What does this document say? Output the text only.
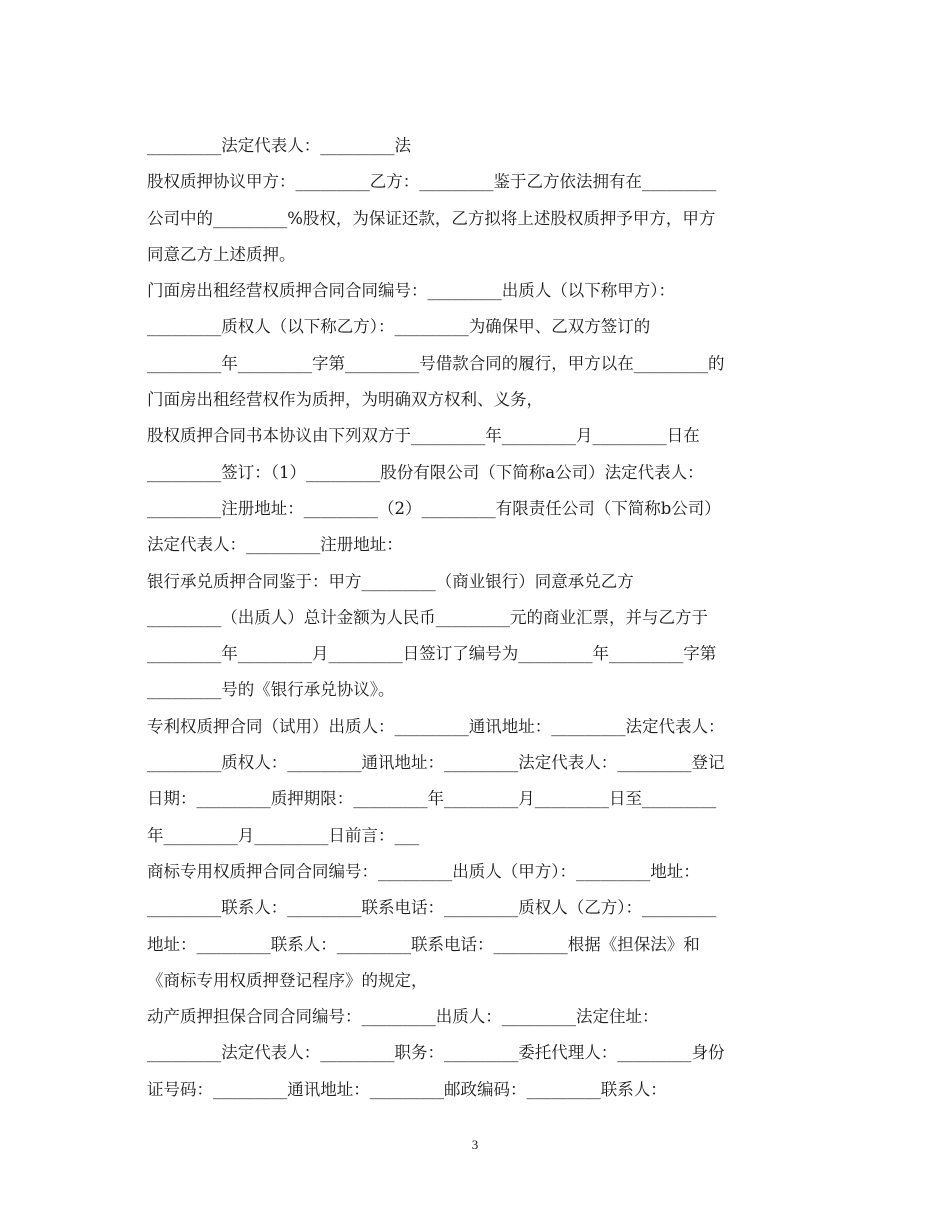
_________法定代表人：_________法
股权质押协议甲方：_________乙方：_________鉴于乙方依法拥有在_________
公司中的_________%股权，为保证还款，乙方拟将上述股权质押予甲方，甲方
同意乙方上述质押。
门面房出租经营权质押合同合同编号：_________出质人（以下称甲方）：
_________质权人（以下称乙方）：_________为确保甲、乙双方签订的
_________年_________字第_________号借款合同的履行，甲方以在_________的
门面房出租经营权作为质押，为明确双方权利、义务，
股权质押合同书本协议由下列双方于_________年_________月_________日在
_________签订：（1）_________股份有限公司（下简称a公司）法定代表人：
_________注册地址：_________（2）_________有限责任公司（下简称b公司）
法定代表人：_________注册地址：
银行承兑质押合同鉴于：甲方_________（商业银行）同意承兑乙方
_________（出质人）总计金额为人民币_________元的商业汇票，并与乙方于
_________年_________月_________日签订了编号为_________年_________字第
_________号的《银行承兑协议》。
专利权质押合同（试用）出质人：_________通讯地址：_________法定代表人：
_________质权人：_________通讯地址：_________法定代表人：_________登记
日期：_________质押期限：_________年_________月_________日至_________
年_________月_________日前言：___
商标专用权质押合同合同编号：_________出质人（甲方）：_________地址：
_________联系人：_________联系电话：_________质权人（乙方）：_________
地址：_________联系人：_________联系电话：_________根据《担保法》和
《商标专用权质押登记程序》的规定，
动产质押担保合同合同编号：_________出质人：_________法定住址：
_________法定代表人：_________职务：_________委托代理人：_________身份
证号码：_________通讯地址：_________邮政编码：_________联系人：
3
